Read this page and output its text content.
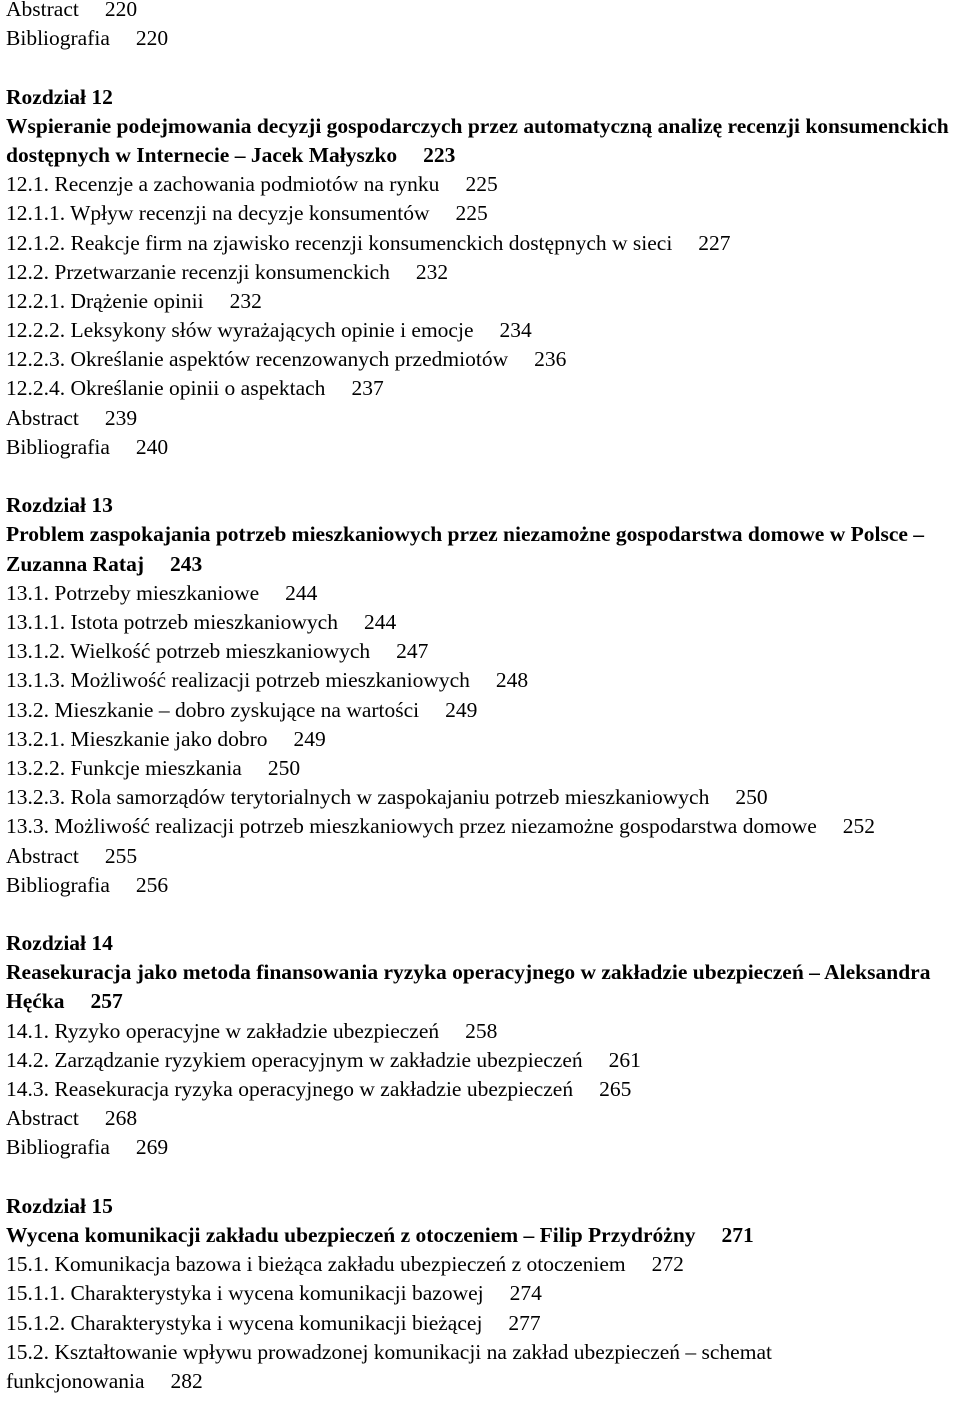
Abstract 220
Bibliografia 220
Rozdział 12
Wspieranie podejmowania decyzji gospodarczych przez automatyczną analizę recenzji konsumenckich dostępnych w Internecie – Jacek Małyszko 223
12.1. Recenzje a zachowania podmiotów na rynku 225
12.1.1. Wpływ recenzji na decyzje konsumentów 225
12.1.2. Reakcje firm na zjawisko recenzji konsumenckich dostępnych w sieci 227
12.2. Przetwarzanie recenzji konsumenckich 232
12.2.1. Drążenie opinii 232
12.2.2. Leksykony słów wyrażających opinie i emocje 234
12.2.3. Określanie aspektów recenzowanych przedmiotów 236
12.2.4. Określanie opinii o aspektach 237
Abstract 239
Bibliografia 240
Rozdział 13
Problem zaspokajania potrzeb mieszkaniowych przez niezamożne gospodarstwa domowe w Polsce – Zuzanna Rataj 243
13.1. Potrzeby mieszkaniowe 244
13.1.1. Istota potrzeb mieszkaniowych 244
13.1.2. Wielkość potrzeb mieszkaniowych 247
13.1.3. Możliwość realizacji potrzeb mieszkaniowych 248
13.2. Mieszkanie – dobro zyskujące na wartości 249
13.2.1. Mieszkanie jako dobro 249
13.2.2. Funkcje mieszkania 250
13.2.3. Rola samorządów terytorialnych w zaspokajaniu potrzeb mieszkaniowych 250
13.3. Możliwość realizacji potrzeb mieszkaniowych przez niezamożne gospodarstwa domowe 252
Abstract 255
Bibliografia 256
Rozdział 14
Reasekuracja jako metoda finansowania ryzyka operacyjnego w zakładzie ubezpieczeń – Aleksandra Hęćka 257
14.1. Ryzyko operacyjne w zakładzie ubezpieczeń 258
14.2. Zarządzanie ryzykiem operacyjnym w zakładzie ubezpieczeń 261
14.3. Reasekuracja ryzyka operacyjnego w zakładzie ubezpieczeń 265
Abstract 268
Bibliografia 269
Rozdział 15
Wycena komunikacji zakładu ubezpieczeń z otoczeniem – Filip Przydróżny 271
15.1. Komunikacja bazowa i bieżąca zakładu ubezpieczeń z otoczeniem 272
15.1.1. Charakterystyka i wycena komunikacji bazowej 274
15.1.2. Charakterystyka i wycena komunikacji bieżącej 277
15.2. Kształtowanie wpływu prowadzonej komunikacji na zakład ubezpieczeń – schemat funkcjonowania 282
